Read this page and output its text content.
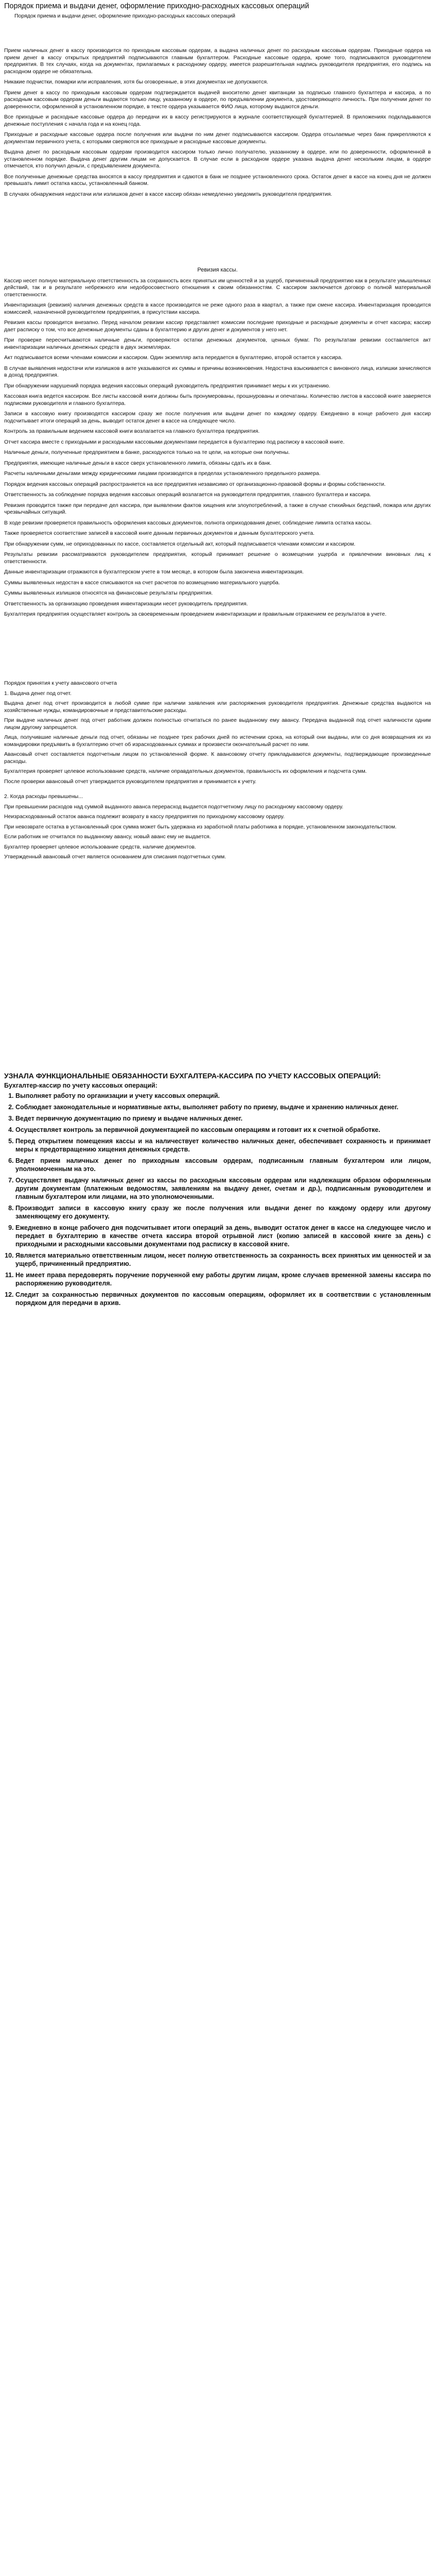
Порядок приема и выдачи денег, оформление приходно-расходных кассовых операций
Порядок приема и выдачи денег, оформление приходно-расходных кассовых операций

Прием наличных денег в кассу производится по приходным кассовым ордерам, а выдача наличных денег по расходным кассовым ордерам. Приходные ордера на прием денег в кассу открытых предприятий подписываются главным бухгалтером. Расходные кассовые ордера, кроме того, подписываются руководителем предприятия. В тех случаях, когда на документах, прилагаемых к расходному ордеру, имеется разрешительная надпись руководителя предприятия, его подпись на расходном ордере не обязательна.

Никакие подчистки, помарки или исправления, хотя бы оговоренные, в этих документах не допускаются.

Прием денег в кассу по приходным кассовым ордерам подтверждается выдачей вносителю денег квитанции за подписью главного бухгалтера и кассира, а по расходным кассовым ордерам деньги выдаются только лицу, указанному в ордере, по предъявлении документа, удостоверяющего личность. При получении денег по доверенности, оформленной в установленном порядке, в тексте ордера указывается ФИО лица, которому выдаются деньги.

Все приходные и расходные кассовые ордера до передачи их в кассу регистрируются в журнале соответствующей бухгалтерией. В приложениях подкладываются денежные поступления с начала года и на конец года.

Приходные и расходные кассовые ордера после получения или выдачи по ним денег подписываются кассиром. Ордера отсылаемые через банк прикрепляются к документам первичного учета, с которыми сверяются все приходные и расходные кассовые документы.

Выдача денег по расходным кассовым ордерам производится кассиром только лично получателю, указанному в ордере, или по доверенности, оформленной в установленном порядке. Выдача денег другим лицам не допускается. В случае если в расходном ордере указана выдача денег нескольким лицам, в ордере отмечается, кто получил деньги, с предъявлением документа.

Все полученные денежные средства вносятся в кассу предприятия и сдаются в банк не позднее установленного срока. Остаток денег в кассе на конец дня не должен превышать лимит остатка кассы, установленный банком.

В случаях обнаружения недостачи или излишков денег в кассе кассир обязан немедленно уведомить руководителя предприятия.

Ревизия кассы.

Кассир несет полную материальную ответственность за сохранность всех принятых им ценностей и за ущерб, причиненный предприятию как в результате умышленных действий, так и в результате небрежного или недобросовестного отношения к своим обязанностям. С кассиром заключается договор о полной материальной ответственности.

Инвентаризация (ревизия) наличия денежных средств в кассе производится не реже одного раза в квартал, а также при смене кассира. Инвентаризация проводится комиссией, назначенной руководителем предприятия, в присутствии кассира.

Ревизия кассы проводится внезапно. Перед началом ревизии кассир представляет комиссии последние приходные и расходные документы и отчет кассира; кассир дает расписку о том, что все денежные документы сданы в бухгалтерию и других денег и документов у него нет.

При проверке пересчитываются наличные деньги, проверяются остатки денежных документов, ценных бумаг. По результатам ревизии составляется акт инвентаризации наличных денежных средств в двух экземплярах.

Акт подписывается всеми членами комиссии и кассиром. Один экземпляр акта передается в бухгалтерию, второй остается у кассира.

В случае выявления недостачи или излишков в акте указываются их суммы и причины возникновения. Недостача взыскивается с виновного лица, излишки зачисляются в доход предприятия.

При обнаружении нарушений порядка ведения кассовых операций руководитель предприятия принимает меры к их устранению.

Кассовая книга ведется кассиром. Все листы кассовой книги должны быть пронумерованы, прошнурованы и опечатаны. Количество листов в кассовой книге заверяется подписями руководителя и главного бухгалтера.

Записи в кассовую книгу производятся кассиром сразу же после получения или выдачи денег по каждому ордеру. Ежедневно в конце рабочего дня кассир подсчитывает итоги операций за день, выводит остаток денег в кассе на следующее число.

Контроль за правильным ведением кассовой книги возлагается на главного бухгалтера предприятия.

Отчет кассира вместе с приходными и расходными кассовыми документами передается в бухгалтерию под расписку в кассовой книге.

Наличные деньги, полученные предприятием в банке, расходуются только на те цели, на которые они получены.

Предприятия, имеющие наличные деньги в кассе сверх установленного лимита, обязаны сдать их в банк.

Расчеты наличными деньгами между юридическими лицами производятся в пределах установленного предельного размера.

Порядок ведения кассовых операций распространяется на все предприятия независимо от организационно-правовой формы и формы собственности.

Ответственность за соблюдение порядка ведения кассовых операций возлагается на руководителя предприятия, главного бухгалтера и кассира.

Ревизия проводится также при передаче дел кассира, при выявлении фактов хищения или злоупотреблений, а также в случае стихийных бедствий, пожара или других чрезвычайных ситуаций.

В ходе ревизии проверяется правильность оформления кассовых документов, полнота оприходования денег, соблюдение лимита остатка кассы.

Также проверяется соответствие записей в кассовой книге данным первичных документов и данным бухгалтерского учета.

При обнаружении сумм, не оприходованных по кассе, составляется отдельный акт, который подписывается членами комиссии и кассиром.

Результаты ревизии рассматриваются руководителем предприятия, который принимает решение о возмещении ущерба и привлечении виновных лиц к ответственности.

Данные инвентаризации отражаются в бухгалтерском учете в том месяце, в котором была закончена инвентаризация.

Суммы выявленных недостач в кассе списываются на счет расчетов по возмещению материального ущерба.

Суммы выявленных излишков относятся на финансовые результаты предприятия.

Ответственность за организацию проведения инвентаризации несет руководитель предприятия.

Бухгалтерия предприятия осуществляет контроль за своевременным проведением инвентаризации и правильным отражением ее результатов в учете.

Порядок принятия к учету авансового отчета

1. Выдача денег под отчет.

Выдача денег под отчет производится в любой сумме при наличии заявления или распоряжения руководителя предприятия. Денежные средства выдаются на хозяйственные нужды, командировочные и представительские расходы.

При выдаче наличных денег под отчет работник должен полностью отчитаться по ранее выданному ему авансу. Передача выданной под отчет наличности одним лицом другому запрещается.

Лица, получившие наличные деньги под отчет, обязаны не позднее трех рабочих дней по истечении срока, на который они выданы, или со дня возвращения их из командировки предъявить в бухгалтерию отчет об израсходованных суммах и произвести окончательный расчет по ним.

Авансовый отчет составляется подотчетным лицом по установленной форме. К авансовому отчету прикладываются документы, подтверждающие произведенные расходы.

Бухгалтерия проверяет целевое использование средств, наличие оправдательных документов, правильность их оформления и подсчета сумм.

После проверки авансовый отчет утверждается руководителем предприятия и принимается к учету.

2. Когда расходы превышены...

При превышении расходов над суммой выданного аванса перерасход выдается подотчетному лицу по расходному кассовому ордеру.

Неизрасходованный остаток аванса подлежит возврату в кассу предприятия по приходному кассовому ордеру.

При невозврате остатка в установленный срок сумма может быть удержана из заработной платы работника в порядке, установленном законодательством.

Если работник не отчитался по выданному авансу, новый аванс ему не выдается.

Бухгалтер проверяет целевое использование средств, наличие документов.

Утвержденный авансовый отчет является основанием для списания подотчетных сумм.

УЗНАЛА ФУНКЦИОНАЛЬНЫЕ ОБЯЗАННОСТИ БУХГАЛТЕРА-КАССИРА ПО УЧЕТУ КАССОВЫХ ОПЕРАЦИЙ:
Бухгалтер-кассир по учету кассовых операций:
1. Выполняет работу по организации и учету кассовых операций.
2. Соблюдает законодательные и нормативные акты, выполняет работу по приему, выдаче и хранению наличных денег.
3. Ведет первичную документацию по приему и выдаче наличных денег.
4. Осуществляет контроль за первичной документацией по кассовым операциям и готовит их к счетной обработке.
5. Перед открытием помещения кассы и на наличествует количество наличных денег, обеспечивает сохранность и принимает меры к предотвращению хищения денежных средств.
6. Ведет прием наличных денег по приходным кассовым ордерам, подписанным главным бухгалтером или лицом, уполномоченным на это.
7. Осуществляет выдачу наличных денег из кассы по расходным кассовым ордерам или надлежащим образом оформленным другим документам (платежным ведомостям, заявлениям на выдачу денег, счетам и др.), подписанным руководителем и главным бухгалтером или лицами, на это уполномоченными.
8. Производит записи в кассовую книгу сразу же после получения или выдачи денег по каждому ордеру или другому заменяющему его документу.
9. Ежедневно в конце рабочего дня подсчитывает итоги операций за день, выводит остаток денег в кассе на следующее число и передает в бухгалтерию в качестве отчета кассира второй отрывной лист (копию записей в кассовой книге за день) с приходными и расходными кассовыми документами под расписку в кассовой книге.
10. Является материально ответственным лицом, несет полную ответственность за сохранность всех принятых им ценностей и за ущерб, причиненный предприятию.
11. Не имеет права передоверять поручение порученной ему работы другим лицам, кроме случаев временной замены кассира по распоряжению руководителя.
12. Следит за сохранностью первичных документов по кассовым операциям, оформляет их в соответствии с установленным порядком для передачи в архив.
